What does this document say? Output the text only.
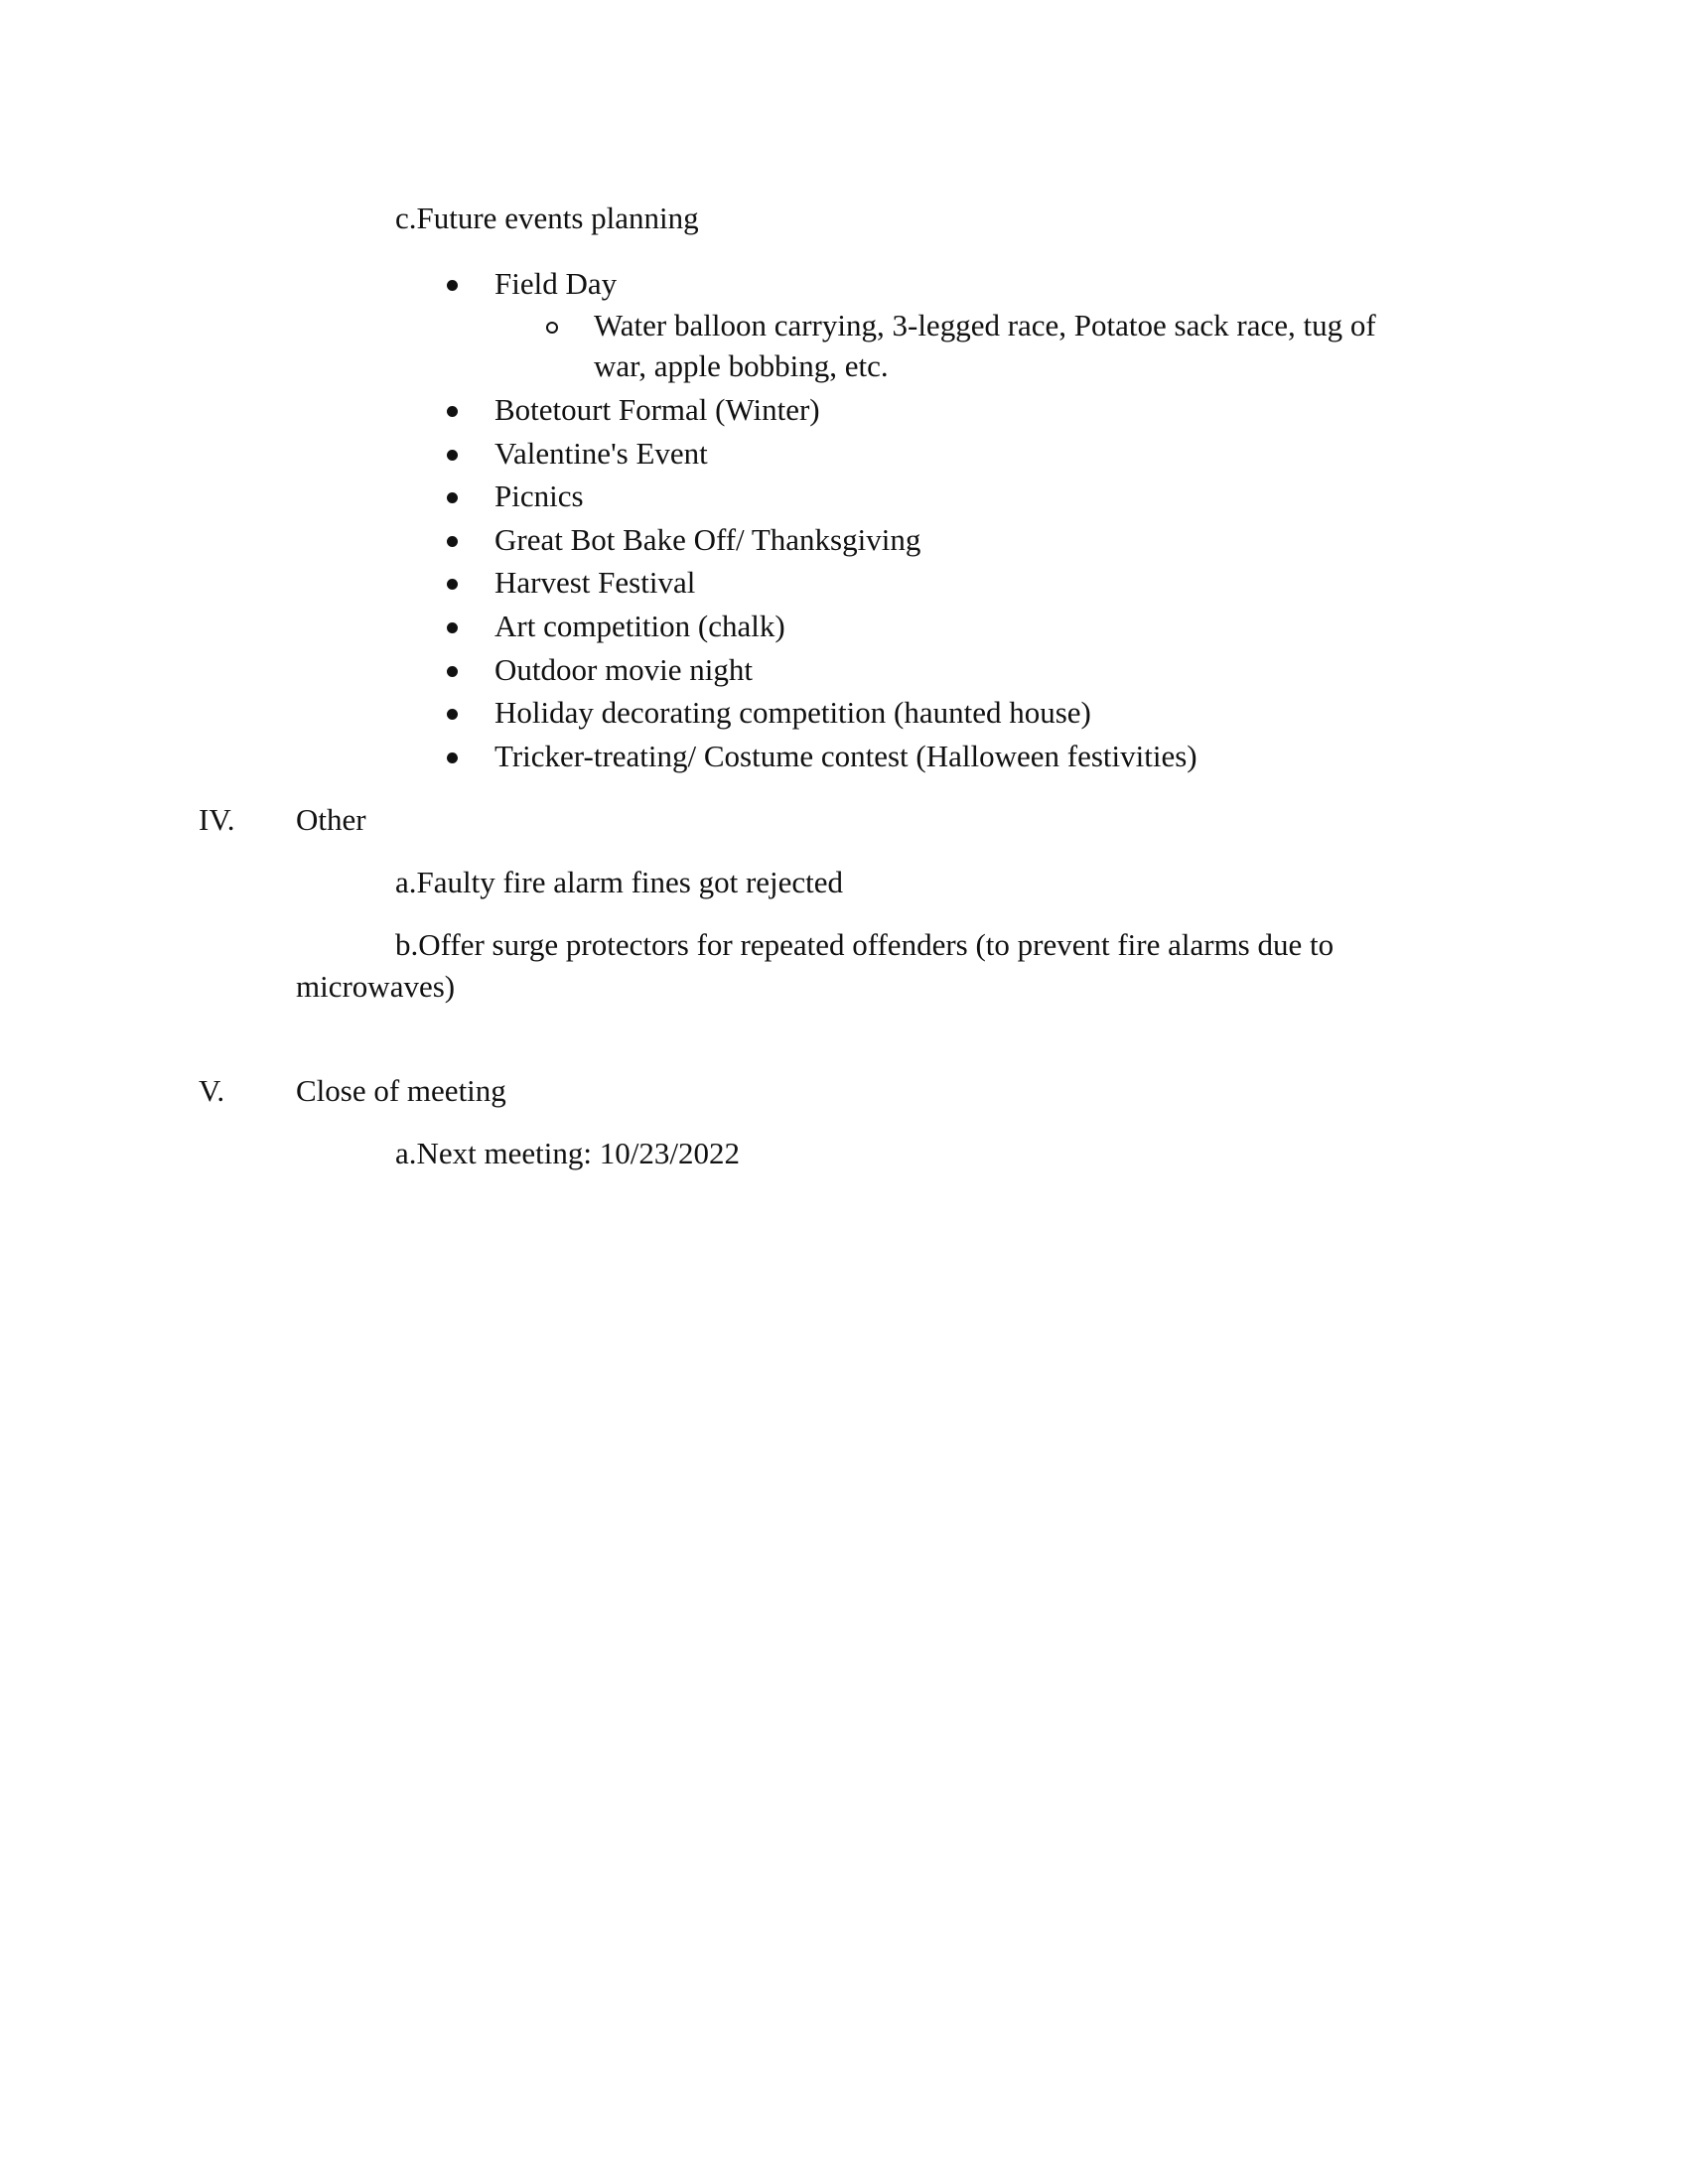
c.Future events planning
Field Day
Water balloon carrying, 3-legged race, Potatoe sack race, tug of
war, apple bobbing, etc.
Botetourt Formal (Winter)
Valentine's Event
Picnics
Great Bot Bake Off/ Thanksgiving
Harvest Festival
Art competition (chalk)
Outdoor movie night
Holiday decorating competition (haunted house)
Tricker-treating/ Costume contest (Halloween festivities)
IV. Other
a.Faulty fire alarm fines got rejected
b.Offer surge protectors for repeated offenders (to prevent fire alarms due to
microwaves)
V. Close of meeting
a.Next meeting: 10/23/2022
